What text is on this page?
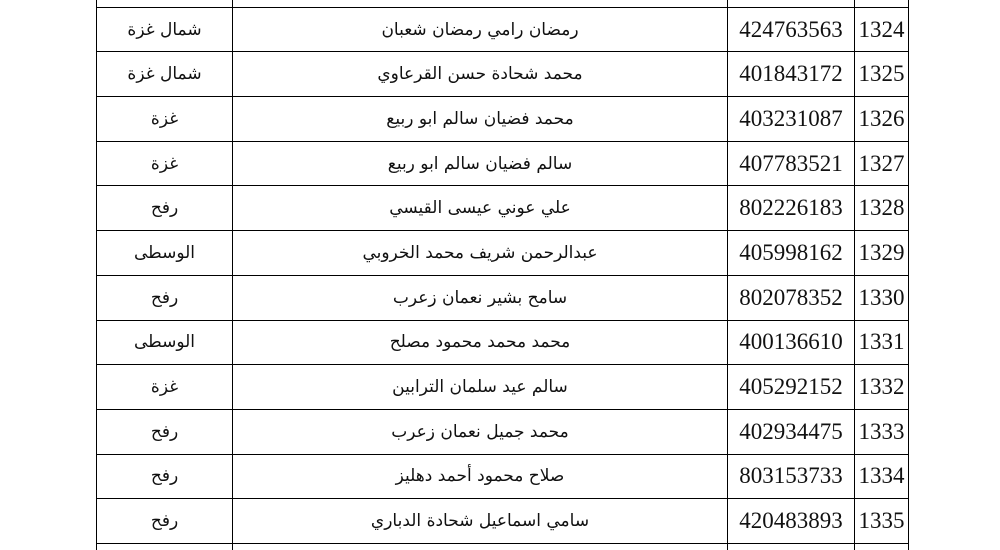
شمال غزة	رمضان رامي رمضان شعبان	424763563	1324
شمال غزة	محمد شحادة حسن القرعاوي	401843172	1325
غزة	محمد فضيان سالم ابو ربيع	403231087	1326
غزة	سالم فضيان سالم ابو ربيع	407783521	1327
رفح	علي عوني عيسى القيسي	802226183	1328
الوسطى	عبدالرحمن شريف محمد الخروبي	405998162	1329
رفح	سامح بشير نعمان زعرب	802078352	1330
الوسطى	محمد محمد محمود مصلح	400136610	1331
غزة	سالم عيد سلمان الترابين	405292152	1332
رفح	محمد جميل نعمان زعرب	402934475	1333
رفح	صلاح محمود أحمد دهليز	803153733	1334
رفح	سامي اسماعيل شحادة الدباري	420483893	1335
